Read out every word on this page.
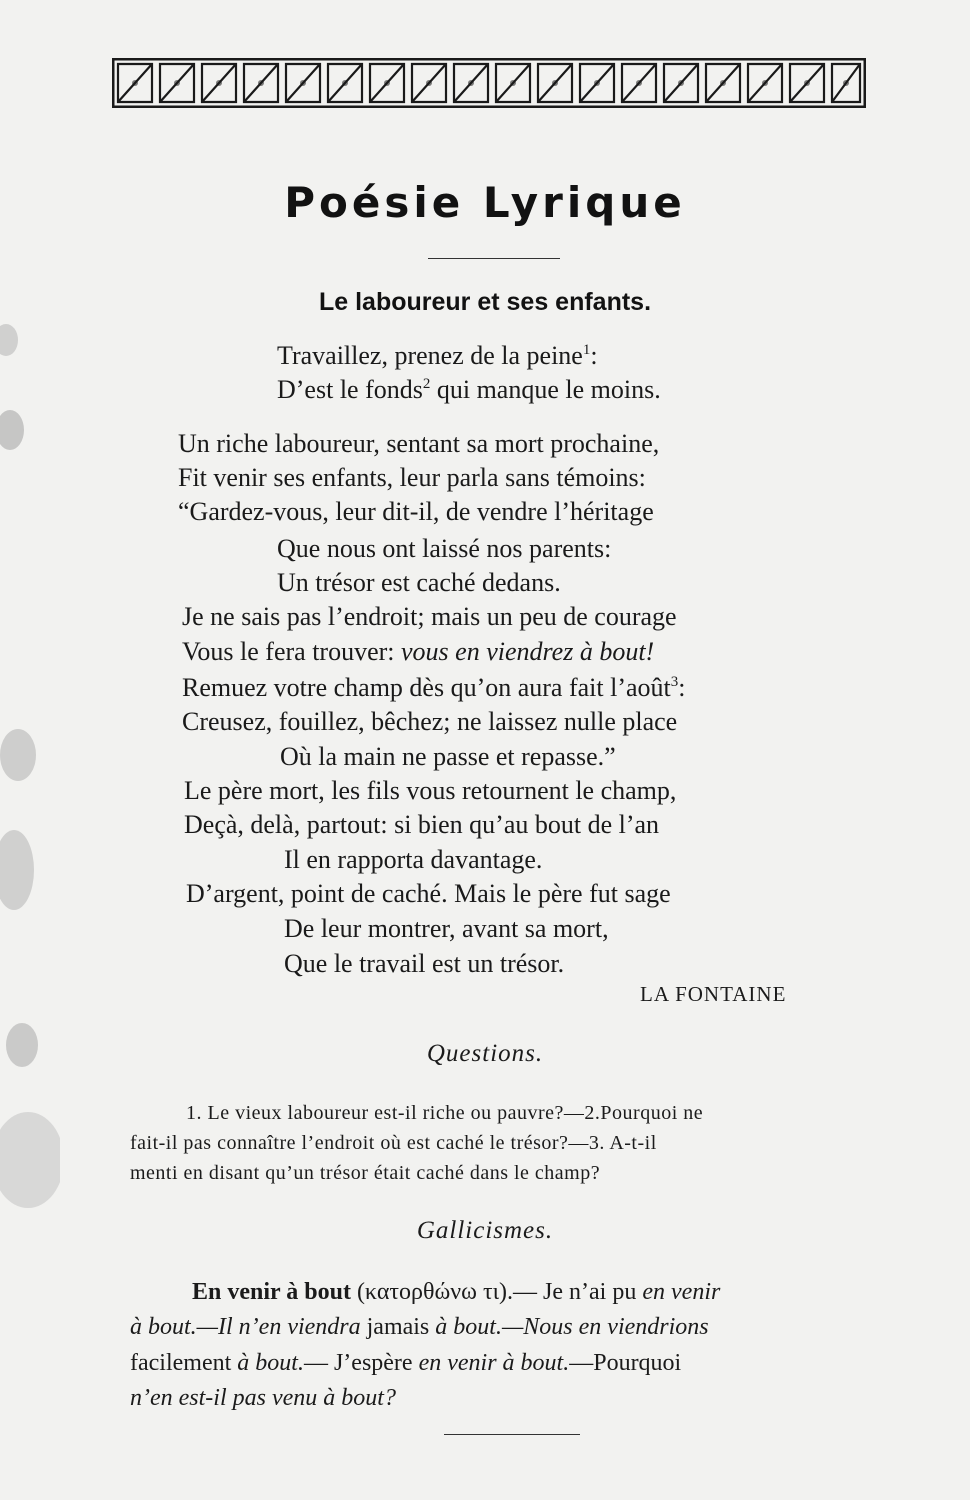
Poésie Lyrique
Le laboureur et ses enfants.
Travaillez, prenez de la peine$^1$:
D’est le fonds$^2$ qui manque le moins.
Un riche laboureur, sentant sa mort prochaine,
Fit venir ses enfants, leur parla sans témoins:
“Gardez-vous, leur dit-il, de vendre l’héritage
Que nous ont laissé nos parents:
Un trésor est caché dedans.
Je ne sais pas l’endroit; mais un peu de courage
Vous le fera trouver: vous en viendrez à bout!
Remuez votre champ dès qu’on aura fait l’août$^3$:
Creusez, fouillez, bêchez; ne laissez nulle place
Où la main ne passe et repasse.”
Le père mort, les fils vous retournent le champ,
Deçà, delà, partout: si bien qu’au bout de l’an
Il en rapporta davantage.
D’argent, point de caché. Mais le père fut sage
De leur montrer, avant sa mort,
Que le travail est un trésor.
LA FONTAINE
Questions.
1. Le vieux laboureur est-il riche ou pauvre?—2.Pourquoi ne
fait-il pas connaître l’endroit où est caché le trésor?—3. A-t-il
menti en disant qu’un trésor était caché dans le champ?
Gallicismes.
En venir à bout (κατορθώνω τι).— Je n’ai pu en venir
à bout.—Il n’en viendra jamais à bout.—Nous en viendrions
facilement à bout.— J’espère en venir à bout.—Pourquoi
n’en est-il pas venu à bout?
